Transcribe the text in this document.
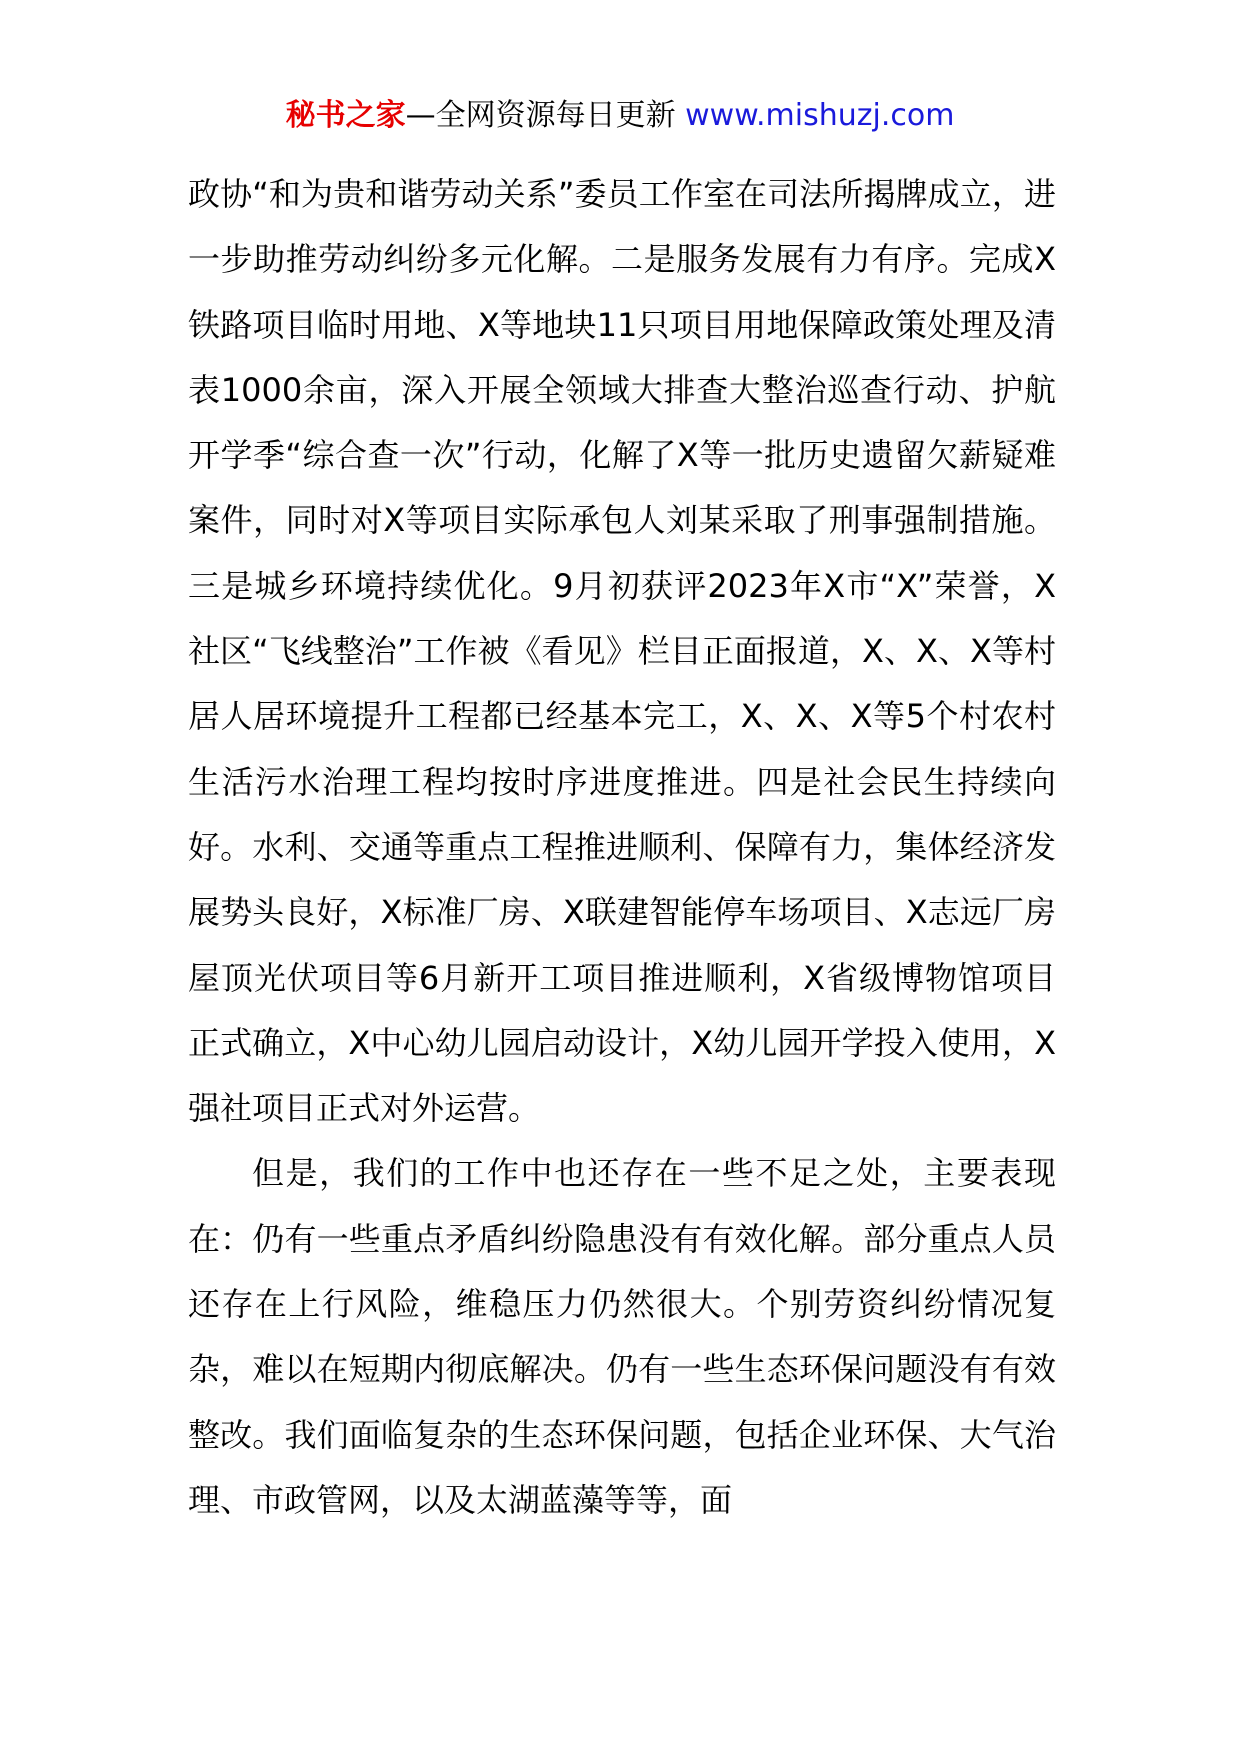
秘书之家—全网资源每日更新 www.mishuzj.com

政协“和为贵和谐劳动关系”委员工作室在司法所揭牌成立，进一步助推劳动纠纷多元化解。二是服务发展有力有序。完成X铁路项目临时用地、X等地块11只项目用地保障政策处理及清表1000余亩，深入开展全领域大排查大整治巡查行动、护航开学季“综合查一次”行动，化解了X等一批历史遗留欠薪疑难案件，同时对X等项目实际承包人刘某采取了刑事强制措施。三是城乡环境持续优化。9月初获评2023年X市“X”荣誉，X社区“飞线整治”工作被《看见》栏目正面报道，X、X、X等村居人居环境提升工程都已经基本完工，X、X、X等5个村农村生活污水治理工程均按时序进度推进。四是社会民生持续向好。水利、交通等重点工程推进顺利、保障有力，集体经济发展势头良好，X标准厂房、X联建智能停车场项目、X志远厂房屋顶光伏项目等6月新开工项目推进顺利，X省级博物馆项目正式确立，X中心幼儿园启动设计，X幼儿园开学投入使用，X强社项目正式对外运营。

但是，我们的工作中也还存在一些不足之处，主要表现在：仍有一些重点矛盾纠纷隐患没有有效化解。部分重点人员还存在上行风险，维稳压力仍然很大。个别劳资纠纷情况复杂，难以在短期内彻底解决。仍有一些生态环保问题没有有效整改。我们面临复杂的生态环保问题，包括企业环保、大气治理、市政管网，以及太湖蓝藻等等，面
